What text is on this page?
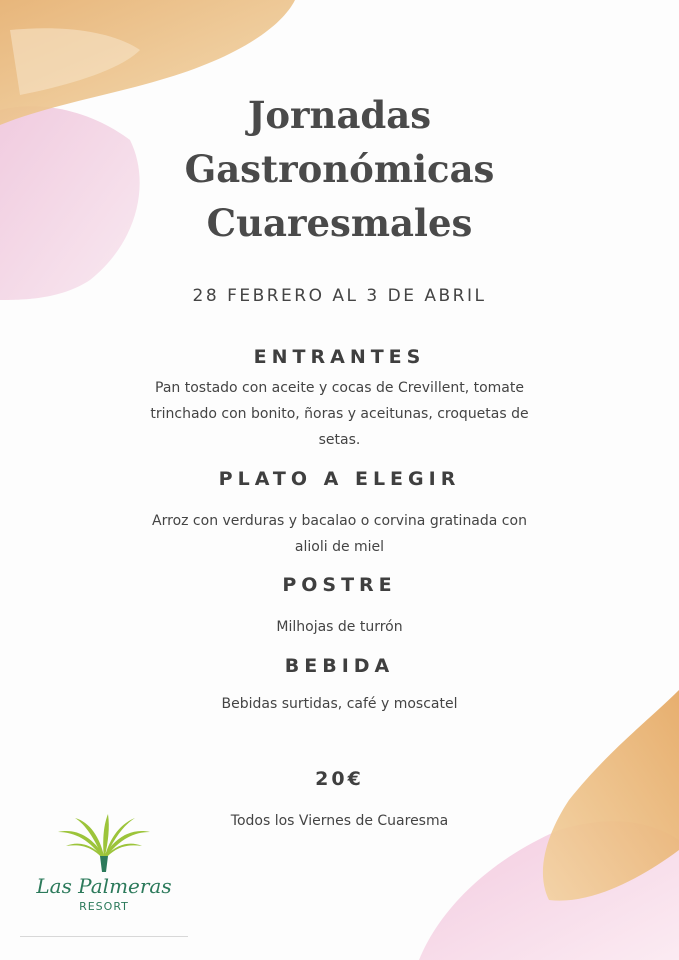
Jornadas
Gastronómicas
Cuaresmales
28 FEBRERO AL 3 DE ABRIL
ENTRANTES
Pan tostado con aceite y cocas de Crevillent, tomate
trinchado con bonito, ñoras y aceitunas, croquetas de
setas.
PLATO A ELEGIR
Arroz con verduras y bacalao o corvina gratinada con
alioli de miel
POSTRE
Milhojas de turrón
BEBIDA
Bebidas surtidas, café y moscatel
20€
Todos los Viernes de Cuaresma
Las Palmeras
RESORT
